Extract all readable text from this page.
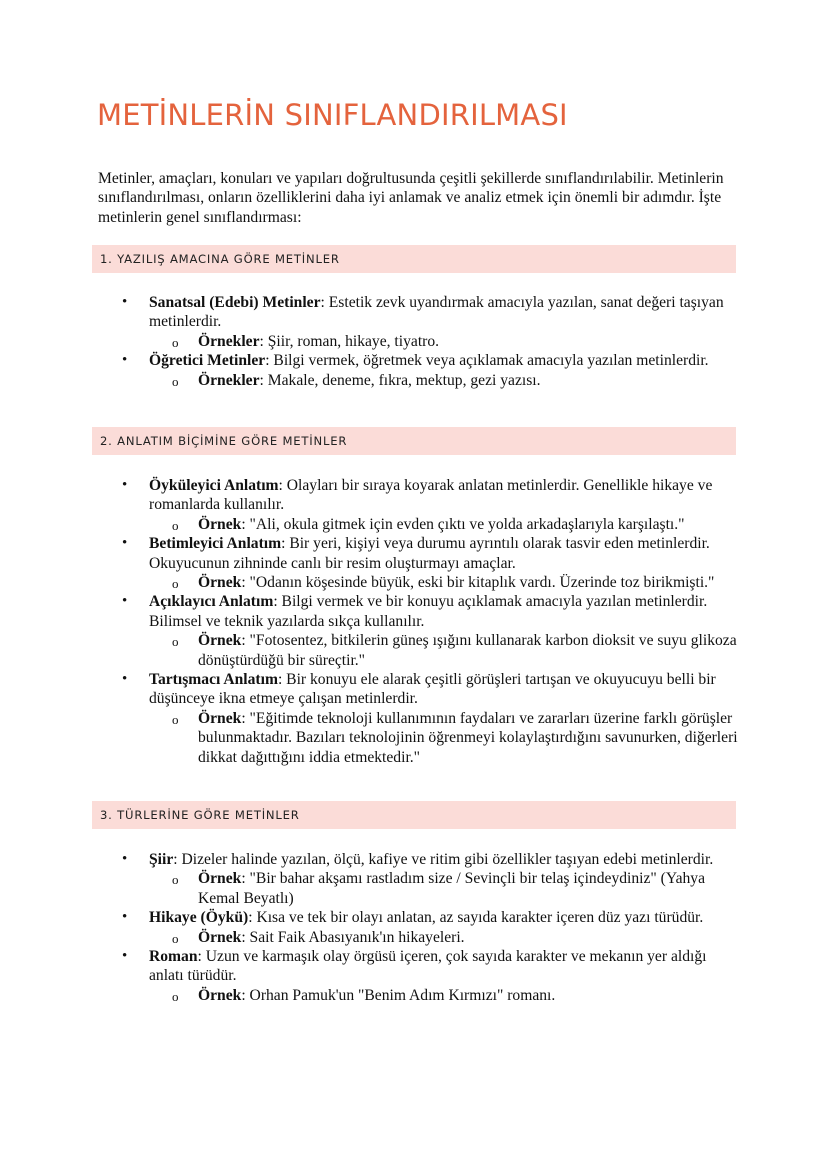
METİNLERİN SINIFLANDIRILMASI

Metinler, amaçları, konuları ve yapıları doğrultusunda çeşitli şekillerde sınıflandırılabilir. Metinlerin sınıflandırılması, onların özelliklerini daha iyi anlamak ve analiz etmek için önemli bir adımdır. İşte metinlerin genel sınıflandırması:

1. YAZILIŞ AMACINA GÖRE METİNLER
• Sanatsal (Edebi) Metinler: Estetik zevk uyandırmak amacıyla yazılan, sanat değeri taşıyan metinlerdir.
o Örnekler: Şiir, roman, hikaye, tiyatro.
• Öğretici Metinler: Bilgi vermek, öğretmek veya açıklamak amacıyla yazılan metinlerdir.
o Örnekler: Makale, deneme, fıkra, mektup, gezi yazısı.
2. ANLATIM BİÇİMİNE GÖRE METİNLER
• Öyküleyici Anlatım: Olayları bir sıraya koyarak anlatan metinlerdir. Genellikle hikaye ve romanlarda kullanılır.
o Örnek: "Ali, okula gitmek için evden çıktı ve yolda arkadaşlarıyla karşılaştı."
• Betimleyici Anlatım: Bir yeri, kişiyi veya durumu ayrıntılı olarak tasvir eden metinlerdir. Okuyucunun zihninde canlı bir resim oluşturmayı amaçlar.
o Örnek: "Odanın köşesinde büyük, eski bir kitaplık vardı. Üzerinde toz birikmişti."
• Açıklayıcı Anlatım: Bilgi vermek ve bir konuyu açıklamak amacıyla yazılan metinlerdir. Bilimsel ve teknik yazılarda sıkça kullanılır.
o Örnek: "Fotosentez, bitkilerin güneş ışığını kullanarak karbon dioksit ve suyu glikoza dönüştürdüğü bir süreçtir."
• Tartışmacı Anlatım: Bir konuyu ele alarak çeşitli görüşleri tartışan ve okuyucuyu belli bir düşünceye ikna etmeye çalışan metinlerdir.
o Örnek: "Eğitimde teknoloji kullanımının faydaları ve zararları üzerine farklı görüşler bulunmaktadır. Bazıları teknolojinin öğrenmeyi kolaylaştırdığını savunurken, diğerleri dikkat dağıttığını iddia etmektedir."
3. TÜRLERİNE GÖRE METİNLER
• Şiir: Dizeler halinde yazılan, ölçü, kafiye ve ritim gibi özellikler taşıyan edebi metinlerdir.
o Örnek: "Bir bahar akşamı rastladım size / Sevinçli bir telaş içindeydiniz" (Yahya Kemal Beyatlı)
• Hikaye (Öykü): Kısa ve tek bir olayı anlatan, az sayıda karakter içeren düz yazı türüdür.
o Örnek: Sait Faik Abasıyanık'ın hikayeleri.
• Roman: Uzun ve karmaşık olay örgüsü içeren, çok sayıda karakter ve mekanın yer aldığı anlatı türüdür.
o Örnek: Orhan Pamuk'un "Benim Adım Kırmızı" romanı.
